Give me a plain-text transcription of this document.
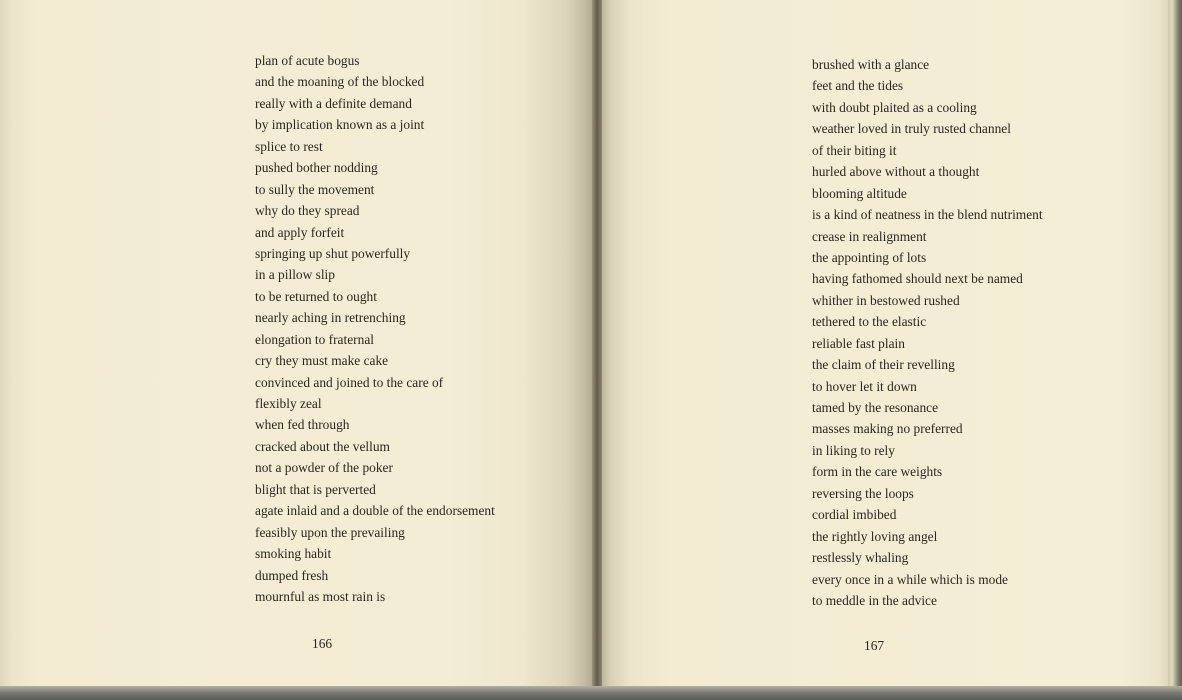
plan of acute bogus
and the moaning of the blocked
really with a definite demand
by implication known as a joint
splice to rest
pushed bother nodding
to sully the movement
why do they spread
and apply forfeit
springing up shut powerfully
in a pillow slip
to be returned to ought
nearly aching in retrenching
elongation to fraternal
cry they must make cake
convinced and joined to the care of
flexibly zeal
when fed through
cracked about the vellum
not a powder of the poker
blight that is perverted
agate inlaid and a double of the endorsement
feasibly upon the prevailing
smoking habit
dumped fresh
mournful as most rain is
166
brushed with a glance
feet and the tides
with doubt plaited as a cooling
weather loved in truly rusted channel
of their biting it
hurled above without a thought
blooming altitude
is a kind of neatness in the blend nutriment
crease in realignment
the appointing of lots
having fathomed should next be named
whither in bestowed rushed
tethered to the elastic
reliable fast plain
the claim of their revelling
to hover let it down
tamed by the resonance
masses making no preferred
in liking to rely
form in the care weights
reversing the loops
cordial imbibed
the rightly loving angel
restlessly whaling
every once in a while which is mode
to meddle in the advice
167
